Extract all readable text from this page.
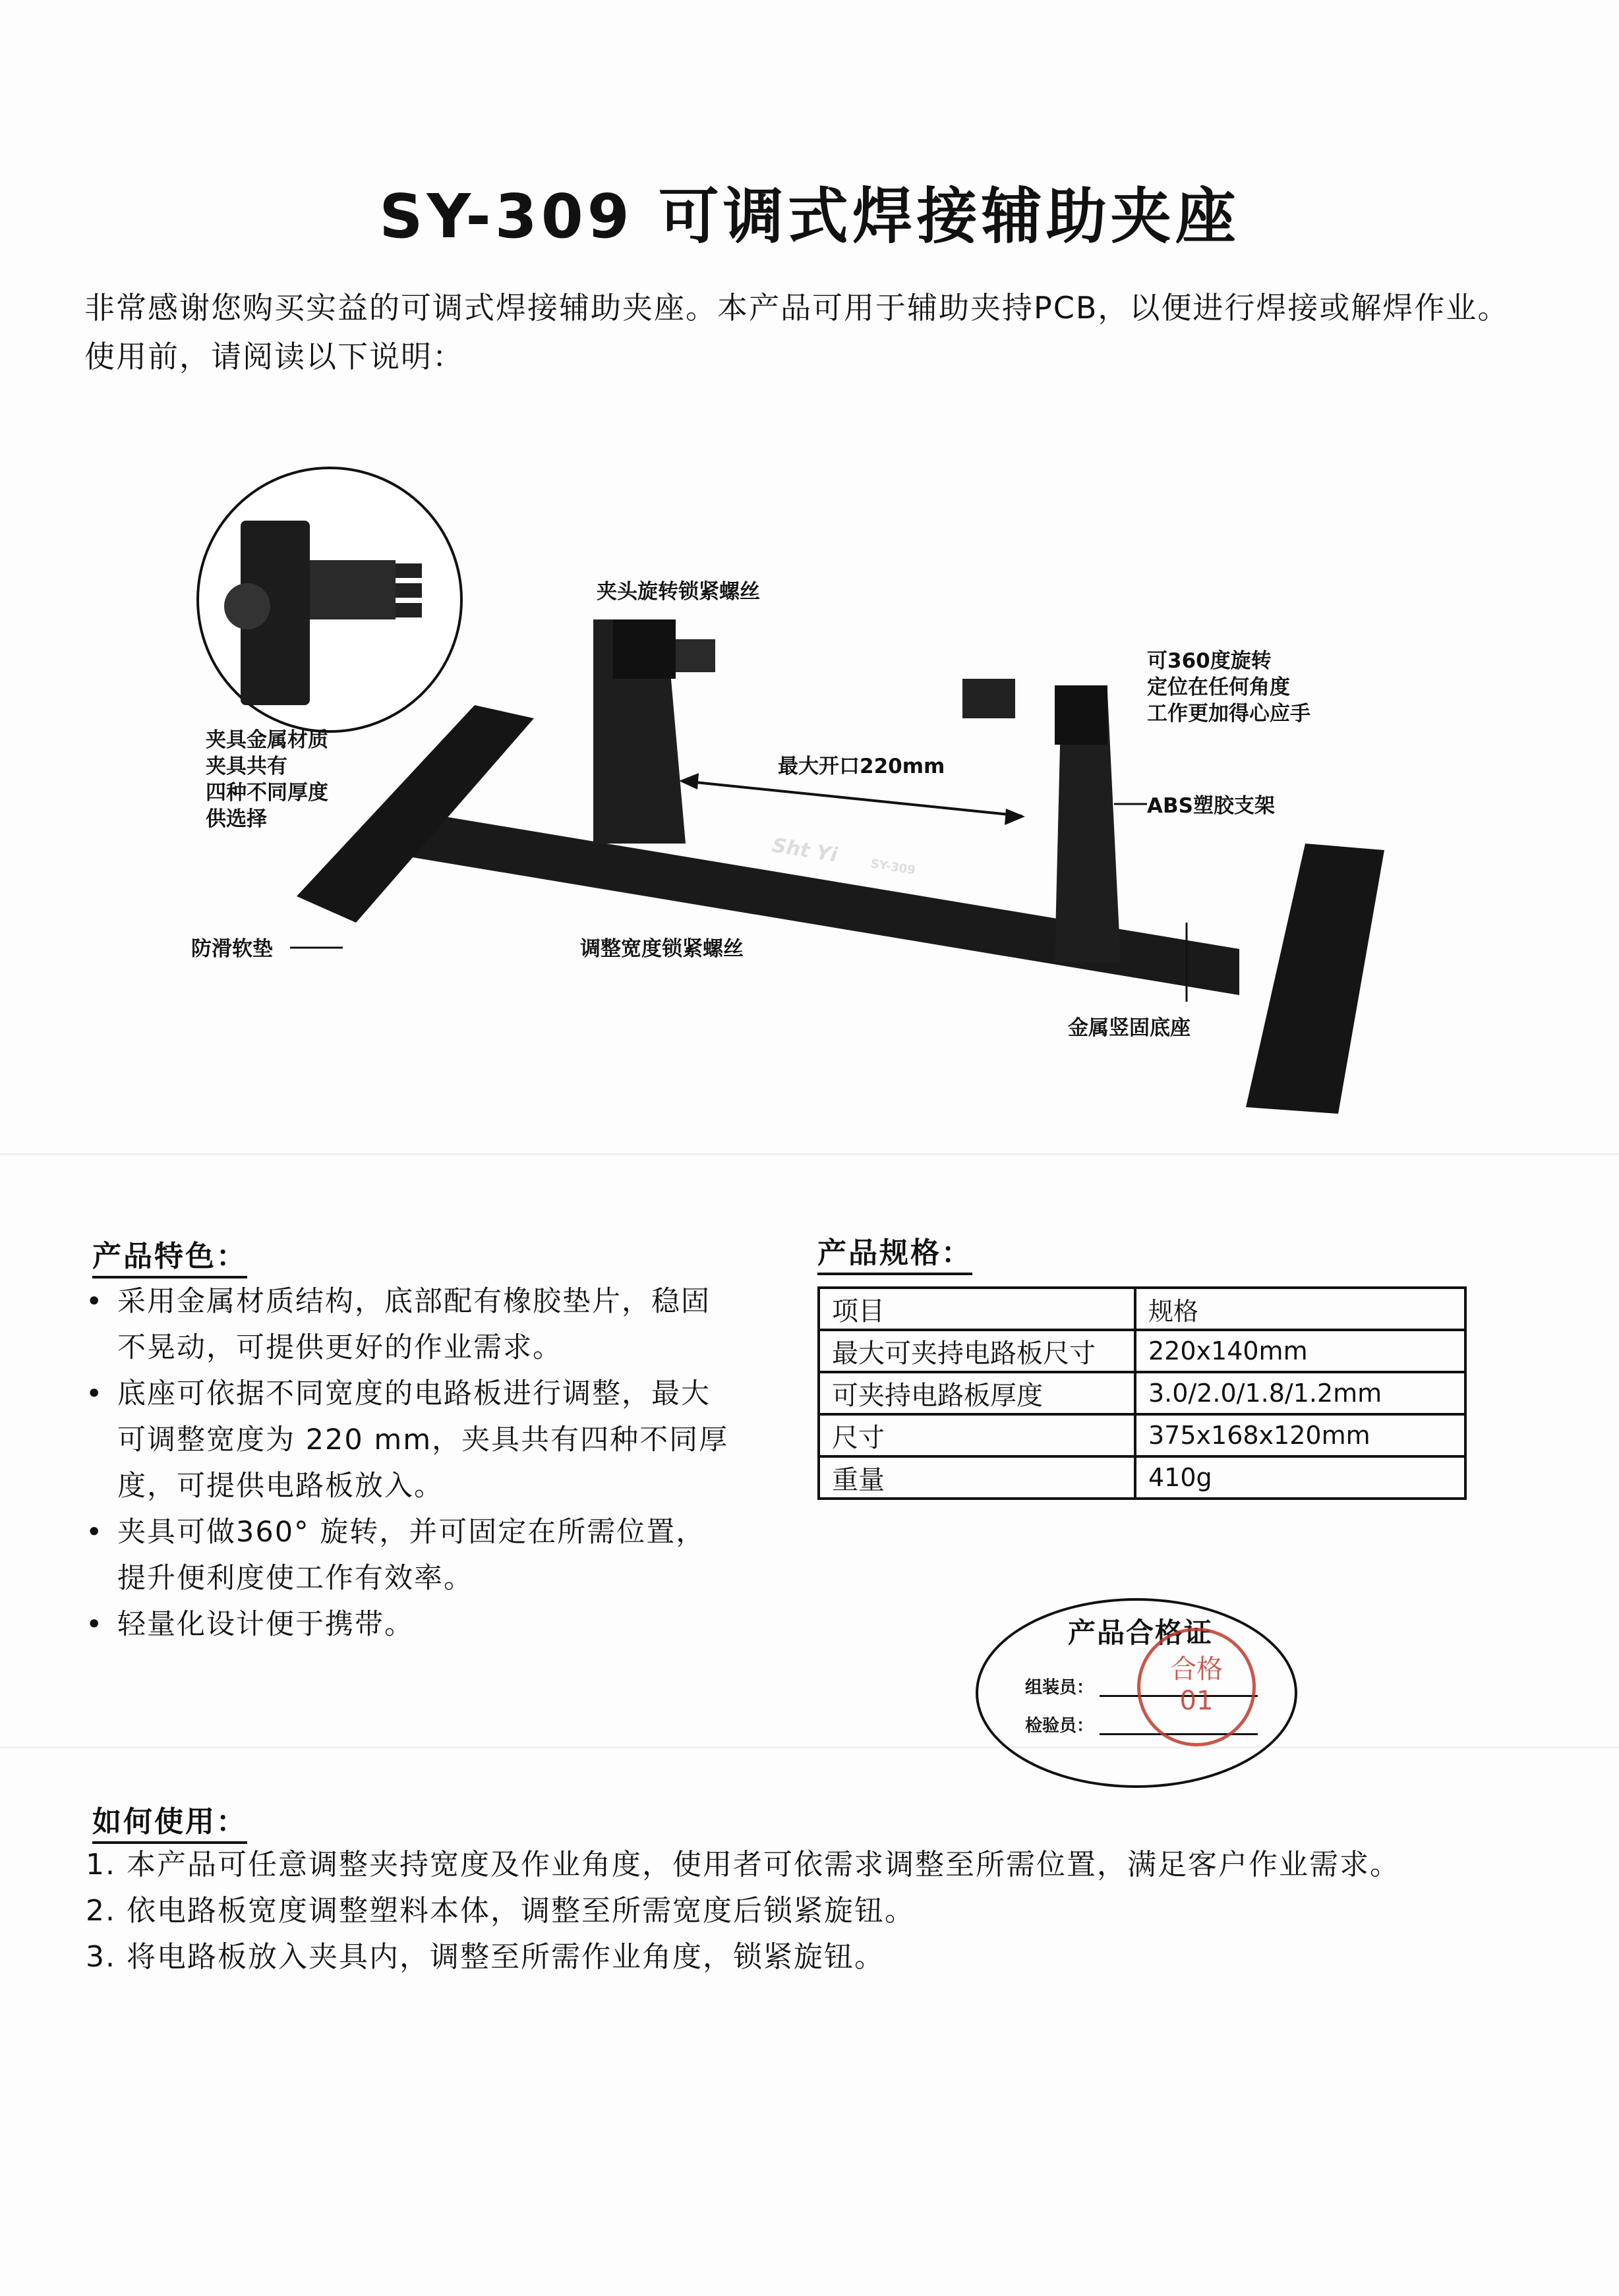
SY-309 可调式焊接辅助夹座
非常感谢您购买实益的可调式焊接辅助夹座。本产品可用于辅助夹持PCB，以便进行焊接或解焊作业。
使用前，请阅读以下说明：
Sht Yi
SY-309
夹头旋转锁紧螺丝
可360度旋转
定位在任何角度
工作更加得心应手
最大开口220mm
ABS塑胶支架
夹具金属材质
夹具共有
四种不同厚度
供选择
防滑软垫	调整宽度锁紧螺丝
金属竖固底座
产品特色：
• 采用金属材质结构，底部配有橡胶垫片，稳固
不晃动，可提供更好的作业需求。
• 底座可依据不同宽度的电路板进行调整，最大
可调整宽度为 220 mm，夹具共有四种不同厚
度，可提供电路板放入。
• 夹具可做360° 旋转，并可固定在所需位置，
提升便利度使工作有效率。
• 轻量化设计便于携带。
产品规格：
项目	规格
最大可夹持电路板尺寸	220x140mm
可夹持电路板厚度	3.0/2.0/1.8/1.2mm
尺寸	375x168x120mm
重量	410g
产品合格证
组装员：
检验员：
合格
01
如何使用：
1. 本产品可任意调整夹持宽度及作业角度，使用者可依需求调整至所需位置，满足客户作业需求。
2. 依电路板宽度调整塑料本体，调整至所需宽度后锁紧旋钮。
3. 将电路板放入夹具内，调整至所需作业角度，锁紧旋钮。
